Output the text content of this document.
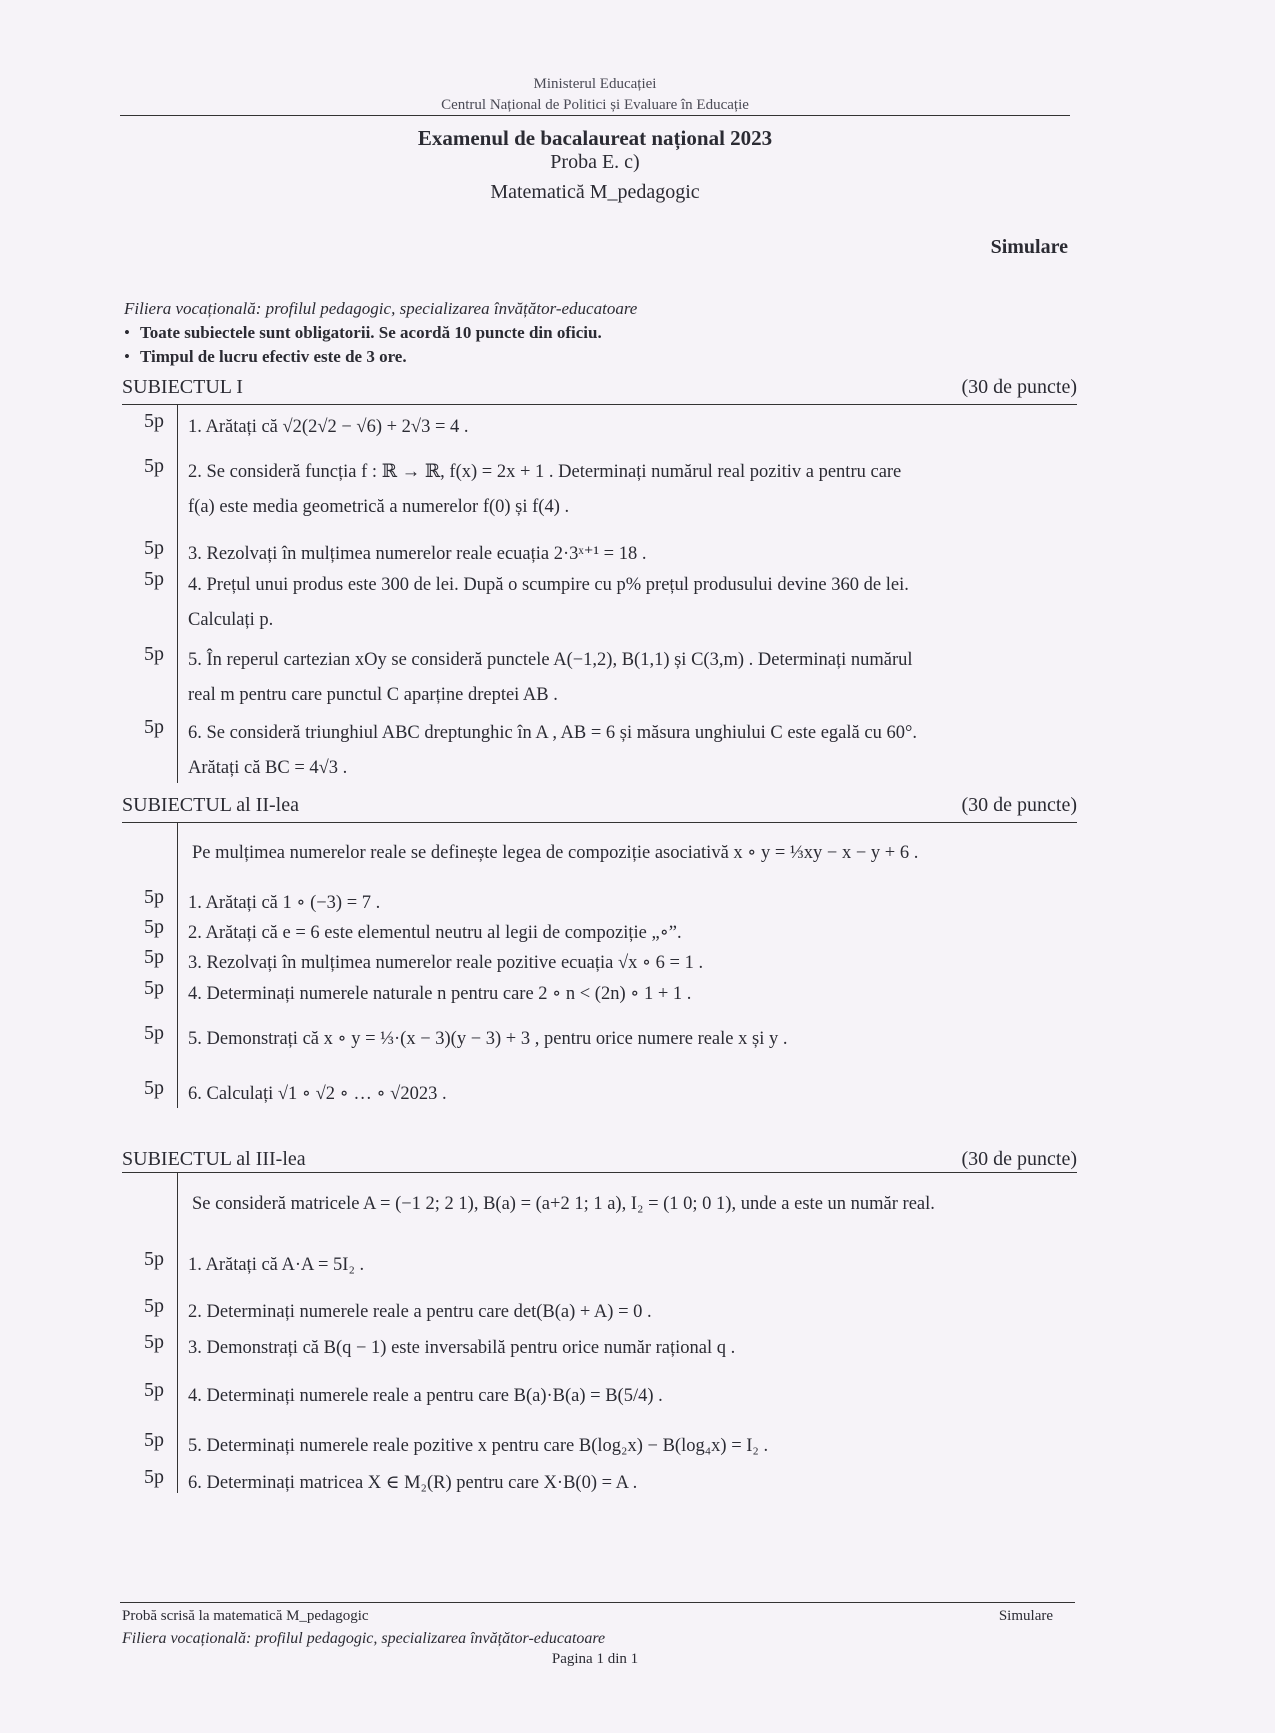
Ministerul Educației
Centrul Național de Politici și Evaluare în Educație
Examenul de bacalaureat național 2023
Proba E. c)
Matematică M_pedagogic
Simulare
Filiera vocațională: profilul pedagogic, specializarea învățător-educatoare
• Toate subiectele sunt obligatorii. Se acordă 10 puncte din oficiu.
• Timpul de lucru efectiv este de 3 ore.
SUBIECTUL I	(30 de puncte)
5p 1. Arătați că √2(2√2 − √6) + 2√3 = 4 .
5p 2. Se consideră funcția f : ℝ → ℝ, f(x) = 2x + 1 . Determinați numărul real pozitiv a pentru care
f(a) este media geometrică a numerelor f(0) și f(4) .
5p 3. Rezolvați în mulțimea numerelor reale ecuația 2·3ˣ⁺¹ = 18 .
5p 4. Prețul unui produs este 300 de lei. După o scumpire cu p% prețul produsului devine 360 de lei.
Calculați p.
5p 5. În reperul cartezian xOy se consideră punctele A(−1,2), B(1,1) și C(3,m) . Determinați numărul
real m pentru care punctul C aparține dreptei AB .
5p 6. Se consideră triunghiul ABC dreptunghic în A , AB = 6 și măsura unghiului C este egală cu 60°.
Arătați că BC = 4√3 .
SUBIECTUL al II-lea	(30 de puncte)
Pe mulțimea numerelor reale se definește legea de compoziție asociativă x ∘ y = ⅓xy − x − y + 6 .
5p 1. Arătați că 1 ∘ (−3) = 7 .
5p 2. Arătați că e = 6 este elementul neutru al legii de compoziție „∘”.
5p 3. Rezolvați în mulțimea numerelor reale pozitive ecuația √x ∘ 6 = 1 .
5p 4. Determinați numerele naturale n pentru care 2 ∘ n < (2n) ∘ 1 + 1 .
5p 5. Demonstrați că x ∘ y = ⅓·(x − 3)(y − 3) + 3 , pentru orice numere reale x și y .
5p 6. Calculați √1 ∘ √2 ∘ … ∘ √2023 .
SUBIECTUL al III-lea	(30 de puncte)
Se consideră matricele A = (−1 2; 2 1), B(a) = (a+2 1; 1 a), I₂ = (1 0; 0 1), unde a este un număr real.
5p 1. Arătați că A·A = 5I₂ .
5p 2. Determinați numerele reale a pentru care det(B(a) + A) = 0 .
5p 3. Demonstrați că B(q − 1) este inversabilă pentru orice număr rațional q .
5p 4. Determinați numerele reale a pentru care B(a)·B(a) = B(5/4) .
5p 5. Determinați numerele reale pozitive x pentru care B(log₂x) − B(log₄x) = I₂ .
5p 6. Determinați matricea X ∈ M₂(R) pentru care X·B(0) = A .
Probă scrisă la matematică M_pedagogic
Filiera vocațională: profilul pedagogic, specializarea învățător-educatoare
Simulare
Pagina 1 din 1
